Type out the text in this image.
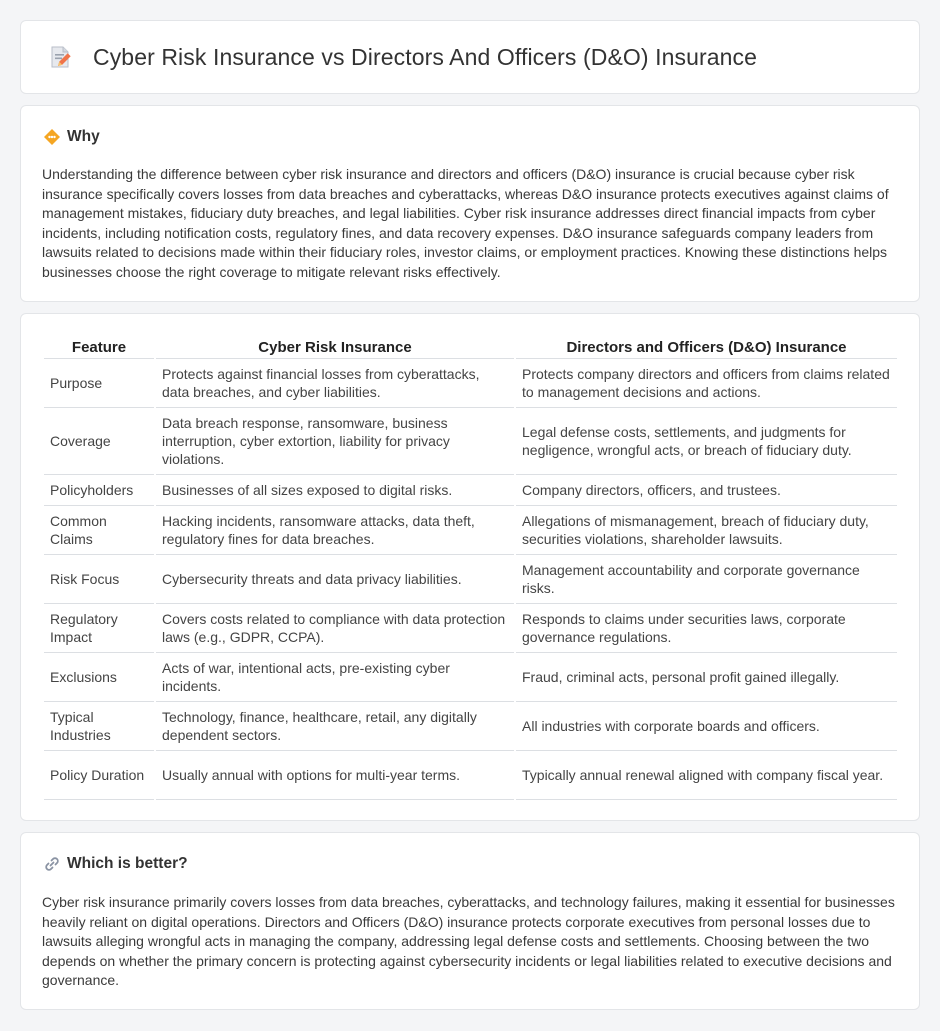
Cyber Risk Insurance vs Directors And Officers (D&O) Insurance
Why

Understanding the difference between cyber risk insurance and directors and officers (D&O) insurance is crucial because cyber risk insurance specifically covers losses from data breaches and cyberattacks, whereas D&O insurance protects executives against claims of management mistakes, fiduciary duty breaches, and legal liabilities. Cyber risk insurance addresses direct financial impacts from cyber incidents, including notification costs, regulatory fines, and data recovery expenses. D&O insurance safeguards company leaders from lawsuits related to decisions made within their fiduciary roles, investor claims, or employment practices. Knowing these distinctions helps businesses choose the right coverage to mitigate relevant risks effectively.

Feature	Cyber Risk Insurance	Directors and Officers (D&O) Insurance
Purpose	Protects against financial losses from cyberattacks, data breaches, and cyber liabilities.	Protects company directors and officers from claims related to management decisions and actions.
Coverage	Data breach response, ransomware, business interruption, cyber extortion, liability for privacy violations.	Legal defense costs, settlements, and judgments for negligence, wrongful acts, or breach of fiduciary duty.
Policyholders	Businesses of all sizes exposed to digital risks.	Company directors, officers, and trustees.
Common Claims	Hacking incidents, ransomware attacks, data theft, regulatory fines for data breaches.	Allegations of mismanagement, breach of fiduciary duty, securities violations, shareholder lawsuits.
Risk Focus	Cybersecurity threats and data privacy liabilities.	Management accountability and corporate governance risks.
Regulatory Impact	Covers costs related to compliance with data protection laws (e.g., GDPR, CCPA).	Responds to claims under securities laws, corporate governance regulations.
Exclusions	Acts of war, intentional acts, pre-existing cyber incidents.	Fraud, criminal acts, personal profit gained illegally.
Typical Industries	Technology, finance, healthcare, retail, any digitally dependent sectors.	All industries with corporate boards and officers.
Policy Duration	Usually annual with options for multi-year terms.	Typically annual renewal aligned with company fiscal year.
Which is better?

Cyber risk insurance primarily covers losses from data breaches, cyberattacks, and technology failures, making it essential for businesses heavily reliant on digital operations. Directors and Officers (D&O) insurance protects corporate executives from personal losses due to lawsuits alleging wrongful acts in managing the company, addressing legal defense costs and settlements. Choosing between the two depends on whether the primary concern is protecting against cybersecurity incidents or legal liabilities related to executive decisions and governance.
